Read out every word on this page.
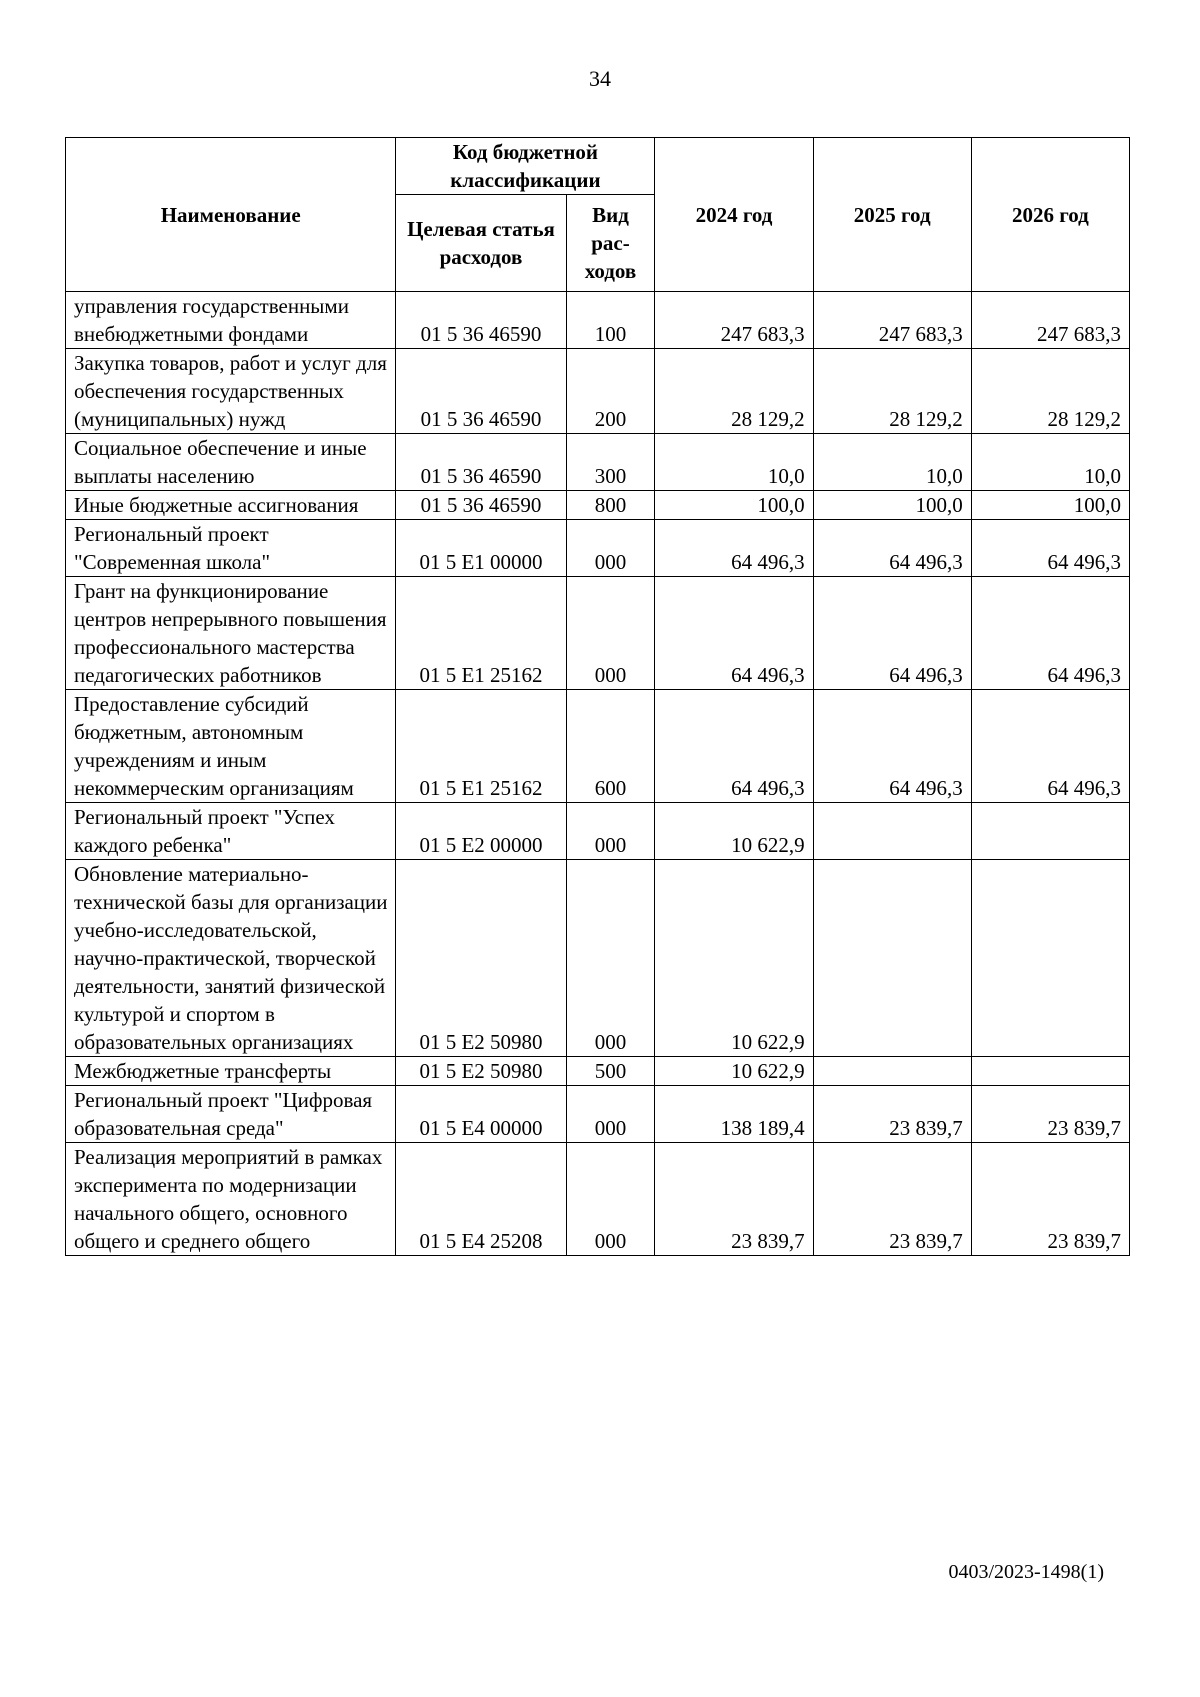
34
Наименование	Код бюджетной классификации		2024 год	2025 год	2026 год
	Целевая статья расходов	Вид рас-ходов			
управления государственными внебюджетными фондами	01 5 36 46590	100	247 683,3	247 683,3	247 683,3
Закупка товаров, работ и услуг для обеспечения государственных (муниципальных) нужд	01 5 36 46590	200	28 129,2	28 129,2	28 129,2
Социальное обеспечение и иные выплаты населению	01 5 36 46590	300	10,0	10,0	10,0
Иные бюджетные ассигнования	01 5 36 46590	800	100,0	100,0	100,0
Региональный проект "Современная школа"	01 5 E1 00000	000	64 496,3	64 496,3	64 496,3
Грант на функционирование центров непрерывного повышения профессионального мастерства педагогических работников	01 5 E1 25162	000	64 496,3	64 496,3	64 496,3
Предоставление субсидий бюджетным, автономным учреждениям и иным некоммерческим организациям	01 5 E1 25162	600	64 496,3	64 496,3	64 496,3
Региональный проект "Успех каждого ребенка"	01 5 E2 00000	000	10 622,9		
Обновление материально-технической базы для организации учебно-исследовательской, научно-практической, творческой деятельности, занятий физической культурой и спортом в образовательных организациях	01 5 E2 50980	000	10 622,9		
Межбюджетные трансферты	01 5 E2 50980	500	10 622,9		
Региональный проект "Цифровая образовательная среда"	01 5 E4 00000	000	138 189,4	23 839,7	23 839,7
Реализация мероприятий в рамках эксперимента по модернизации начального общего, основного общего и среднего общего	01 5 E4 25208	000	23 839,7	23 839,7	23 839,7
0403/2023-1498(1)
